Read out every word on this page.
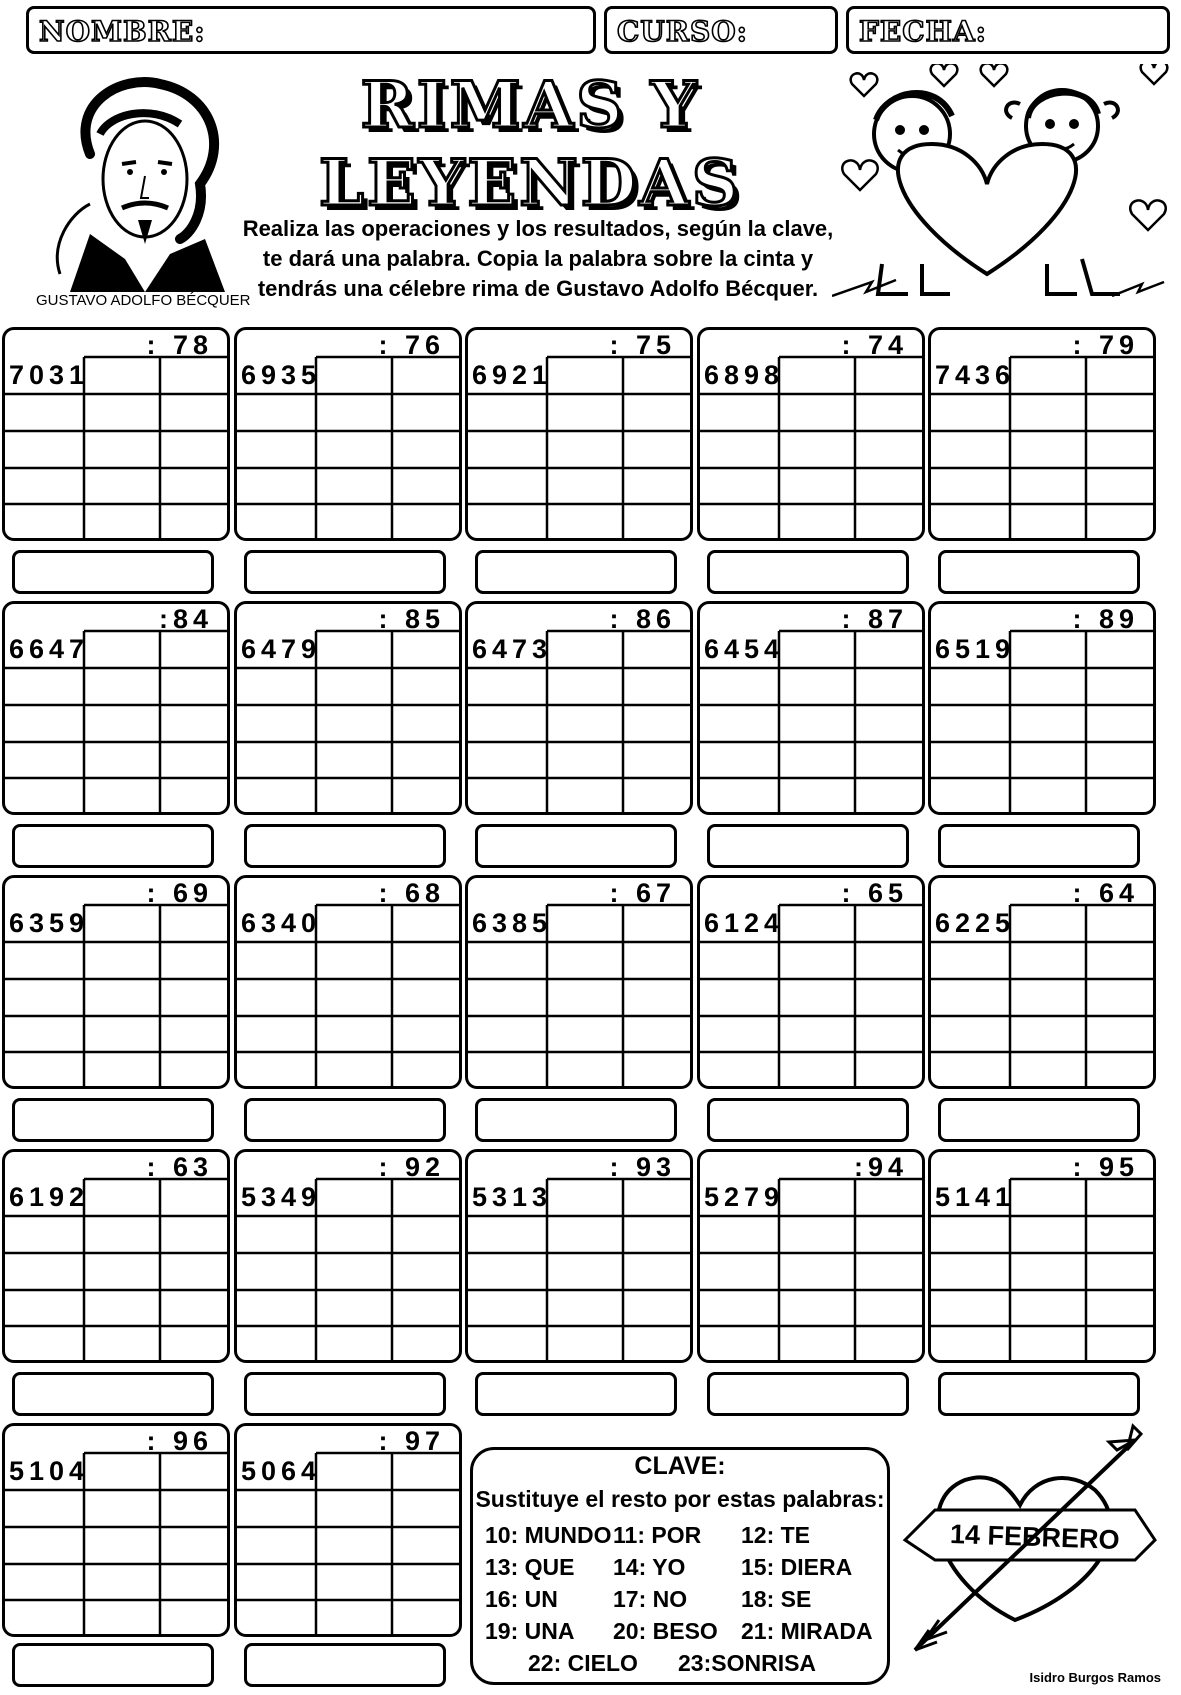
NOMBRE:	CURSO:	FECHA:
GUSTAVO ADOLFO BÉCQUER
RIMAS Y
LEYENDAS
Realiza las operaciones y los resultados, según la clave,
te dará una palabra. Copia la palabra sobre la cinta y
tendrás una célebre rima de Gustavo Adolfo Bécquer.
: 78
7031
: 76
6935
: 75
6921
: 74
6898
: 79
7436
:84
6647
: 85
6479
: 86
6473
: 87
6454
: 89
6519
: 69
6359
: 68
6340
: 67
6385
: 65
6124
: 64
6225
: 63
6192
: 92
5349
: 93
5313
:94
5279
: 95
5141
: 96
5104
: 97
5064	CLAVE:
Sustituye el resto por estas palabras:
10: MUNDO 11: POR 12: TE
13: QUE 14: YO 15: DIERA
16: UN 17: NO 18: SE
19: UNA 20: BESO 21: MIRADA
22: CIELO 23:SONRISA
14 FEBRERO
Isidro Burgos Ramos
